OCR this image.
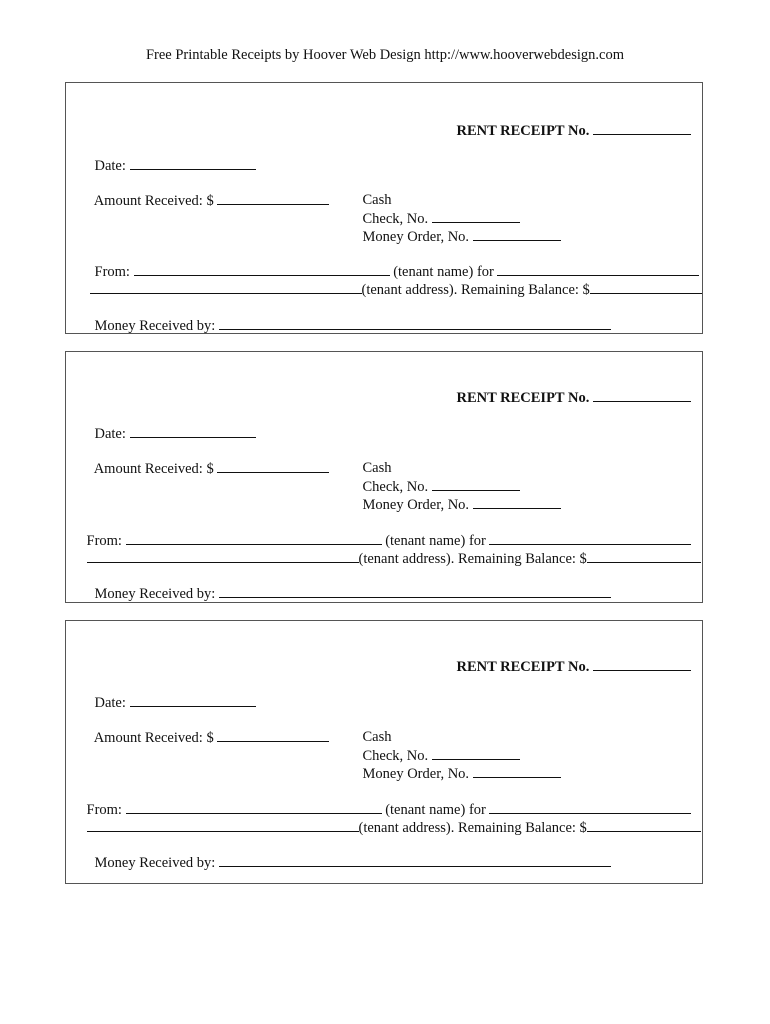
Free Printable Receipts by Hoover Web Design http://www.hooverwebdesign.com

RENT RECEIPT No.

Date:

Amount Received: $
	Cash

Check, No.

Money Order, No.

From:	(tenant name) for

(tenant address). Remaining Balance: $

Money Received by:

RENT RECEIPT No.

Date:

Amount Received: $
	Cash

Check, No.

Money Order, No.

From:	(tenant name) for

(tenant address). Remaining Balance: $

Money Received by:

RENT RECEIPT No.

Date:

Amount Received: $
	Cash

Check, No.

Money Order, No.

From:	(tenant name) for

(tenant address). Remaining Balance: $

Money Received by:
